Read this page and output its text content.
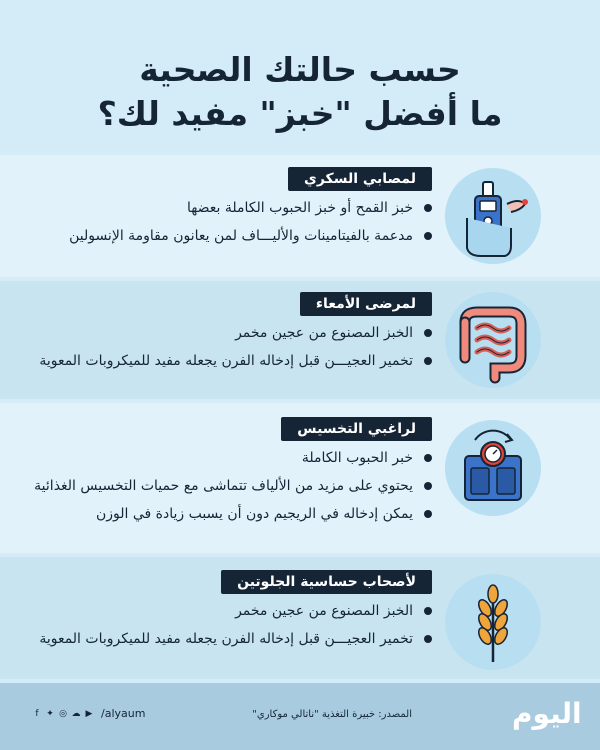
حسب حالتك الصحية
ما أفضل "خبز" مفيد لك؟
لمصابي السكري
خبز القمح أو خبز الحبوب الكاملة بعضها
مدعمة بالفيتامينات والأليـــاف لمن يعانون مقاومة الإنسولين
لمرضى الأمعاء
الخبز المصنوع من عجين مخمر
تخمير العجيـــن قبل إدخاله الفرن يجعله مفيد للميكروبات المعوية
لراغبي التخسيس
خبر الحبوب الكاملة
يحتوي على مزيد من الألياف تتماشى مع حميات التخسيس الغذائية
يمكن إدخاله في الريجيم دون أن يسبب زيادة في الوزن
لأصحاب حساسية الجلوتين
الخبز المصنوع من عجين مخمر
تخمير العجيـــن قبل إدخاله الفرن يجعله مفيد للميكروبات المعوية
f ✦ ◎ ☁ ▶ /alyaum	المصدر: خبيرة التغذية "ناتالي موكاري"	اليوم
